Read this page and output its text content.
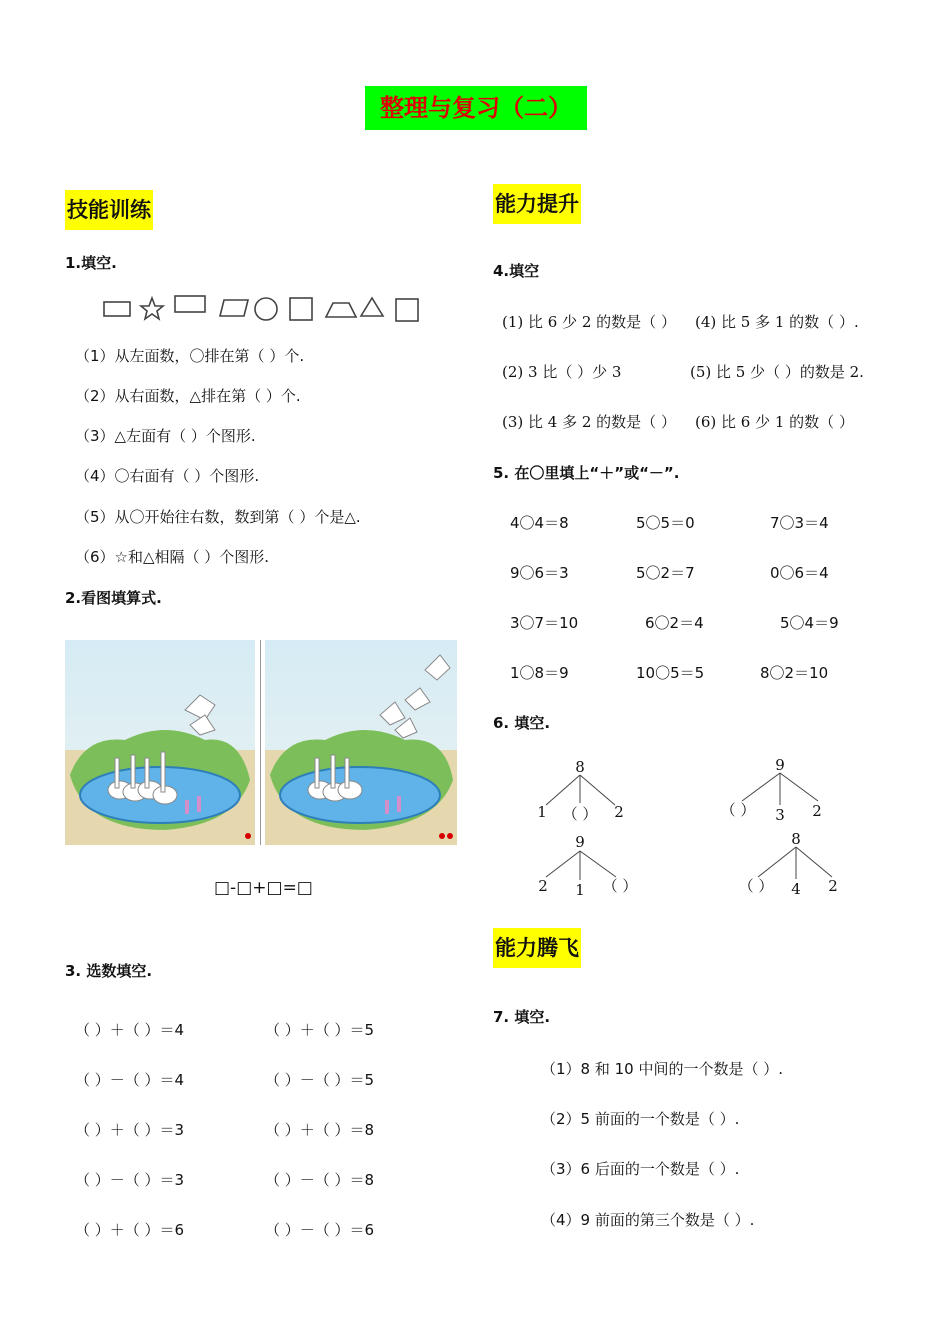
整理与复习（二）
技能训练
1.填空.
（1）从左面数，〇排在第（ ）个.
（2）从右面数，△排在第（ ）个.
（3）△左面有（ ）个图形.
（4）〇右面有（ ）个图形.
（5）从〇开始往右数，数到第（ ）个是△.
（6）☆和△相隔（ ）个图形.
2.看图填算式.
□-□+□=□
3. 选数填空.
（ ）＋（ ）＝4	（ ）＋（ ）＝5
（ ）－（ ）＝4	（ ）－（ ）＝5
（ ）＋（ ）＝3	（ ）＋（ ）＝8
（ ）－（ ）＝3	（ ）－（ ）＝8
（ ）＋（ ）＝6	（ ）－（ ）＝6
能力提升
4.填空
(1) 比 6 少 2 的数是（ ） (4) 比 5 多 1 的数（ ）.
(2) 3 比（ ）少 3	(5) 比 5 少（ ）的数是 2.
(3) 比 4 多 2 的数是（ ） (6) 比 6 少 1 的数（ ）
5. 在〇里填上“＋”或“－”.
4〇4＝8	5〇5＝0	7〇3＝4
9〇6＝3	5〇2＝7	0〇6＝4
3〇7＝10	6〇2＝4	5〇4＝9
1〇8＝9	10〇5＝5	8〇2＝10
6. 填空.
8
1 （ ） 2
9
（ ） 3 2
9
2 1 （ ）
8
（ ） 4 2
能力腾飞
7. 填空.
（1）8 和 10 中间的一个数是（ ）.
（2）5 前面的一个数是（ ）.
（3）6 后面的一个数是（ ）.
（4）9 前面的第三个数是（ ）.
